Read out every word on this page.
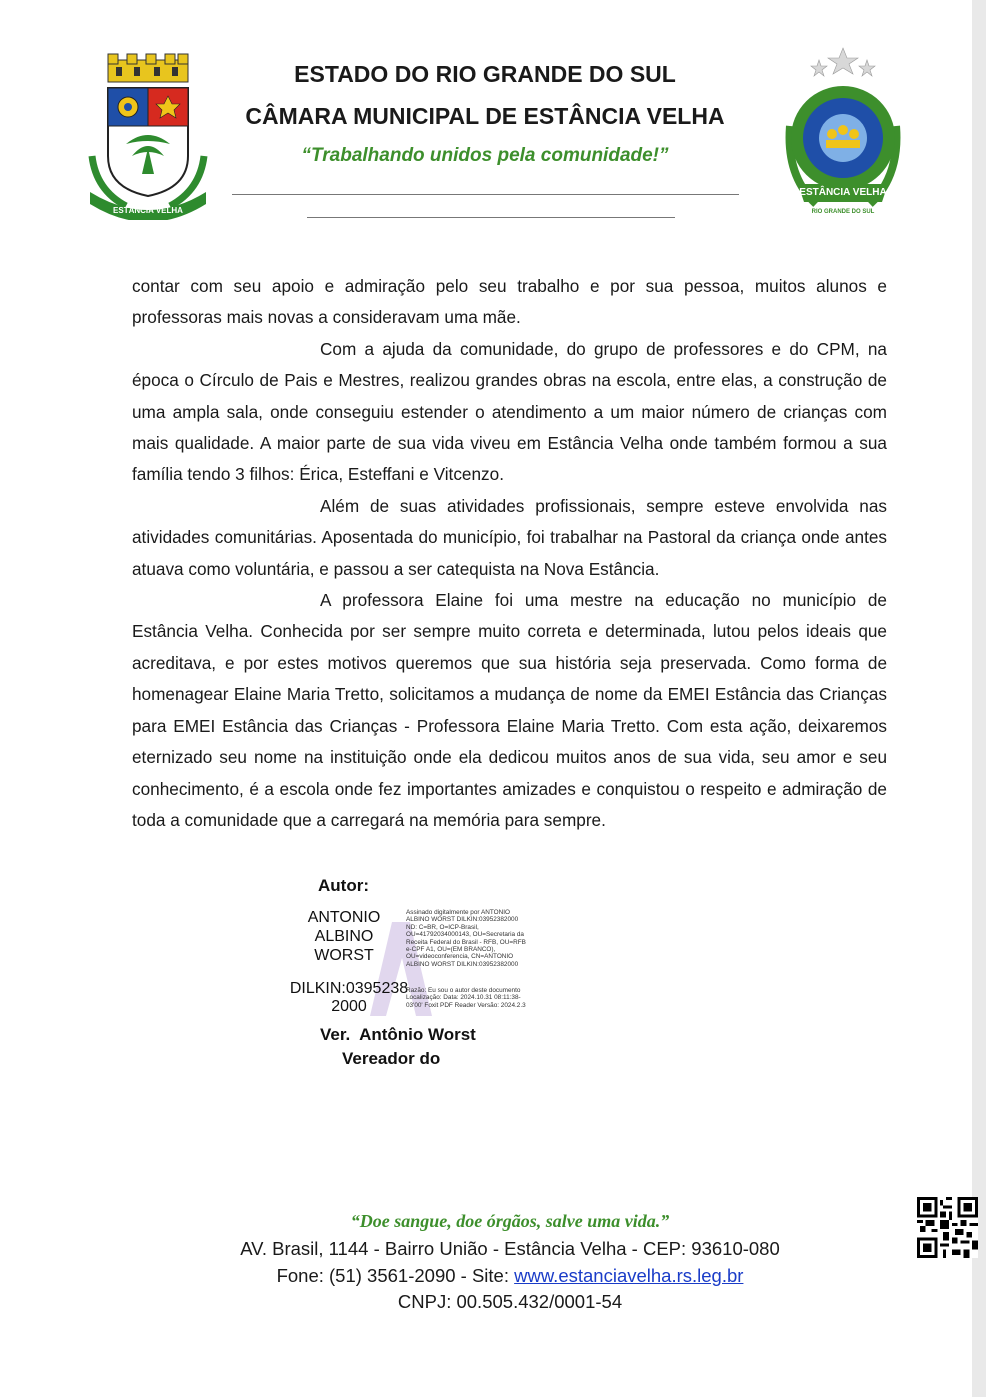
ESTÂNCIA VELHA
ESTADO DO RIO GRANDE DO SUL
CÂMARA MUNICIPAL DE ESTÂNCIA VELHA
“Trabalhando unidos pela comunidade!”
ESTÂNCIA VELHA
RIO GRANDE DO SUL

contar com seu apoio e admiração pelo seu trabalho e por sua pessoa, muitos alunos e professoras mais novas a consideravam uma mãe.

Com a ajuda da comunidade, do grupo de professores e do CPM, na época o Círculo de Pais e Mestres, realizou grandes obras na escola, entre elas, a construção de uma ampla sala, onde conseguiu estender o atendimento a um maior número de crianças com mais qualidade. A maior parte de sua vida viveu em Estância Velha onde também formou a sua família tendo 3 filhos: Érica, Esteffani e Vitcenzo.

Além de suas atividades profissionais, sempre esteve envolvida nas atividades comunitárias. Aposentada do município, foi trabalhar na Pastoral da criança onde antes atuava como voluntária, e passou a ser catequista na Nova Estância.

A professora Elaine foi uma mestre na educação no município de Estância Velha. Conhecida por ser sempre muito correta e determinada, lutou pelos ideais que acreditava, e por estes motivos queremos que sua história seja preservada. Como forma de homenagear Elaine Maria Tretto, solicitamos a mudança de nome da EMEI Estância das Crianças para EMEI Estância das Crianças - Professora Elaine Maria Tretto. Com esta ação, deixaremos eternizado seu nome na instituição onde ela dedicou muitos anos de sua vida, seu amor e seu conhecimento, é a escola onde fez importantes amizades e conquistou o respeito e admiração de toda a comunidade que a carregará na memória para sempre.

Autor:
ANTONIO
ALBINO
WORST
DILKIN:0395238
2000
Assinado digitalmente por ANTONIO ALBINO WORST DILKIN:03952382000 ND: C=BR, O=ICP-Brasil, OU=41792034000143, OU=Secretaria da Receita Federal do Brasil - RFB, OU=RFB e-CPF A1, OU=(EM BRANCO), OU=videoconferencia, CN=ANTONIO ALBINO WORST DILKIN:03952382000
Razão: Eu sou o autor deste documento Localização: Data: 2024.10.31 08:11:38-03'00' Foxit PDF Reader Versão: 2024.2.3
Ver.  Antônio Worst
Vereador do
“Doe sangue, doe órgãos, salve uma vida.”
AV. Brasil, 1144 - Bairro União - Estância Velha - CEP: 93610-080
Fone: (51) 3561-2090 - Site: www.estanciavelha.rs.leg.br
CNPJ: 00.505.432/0001-54
